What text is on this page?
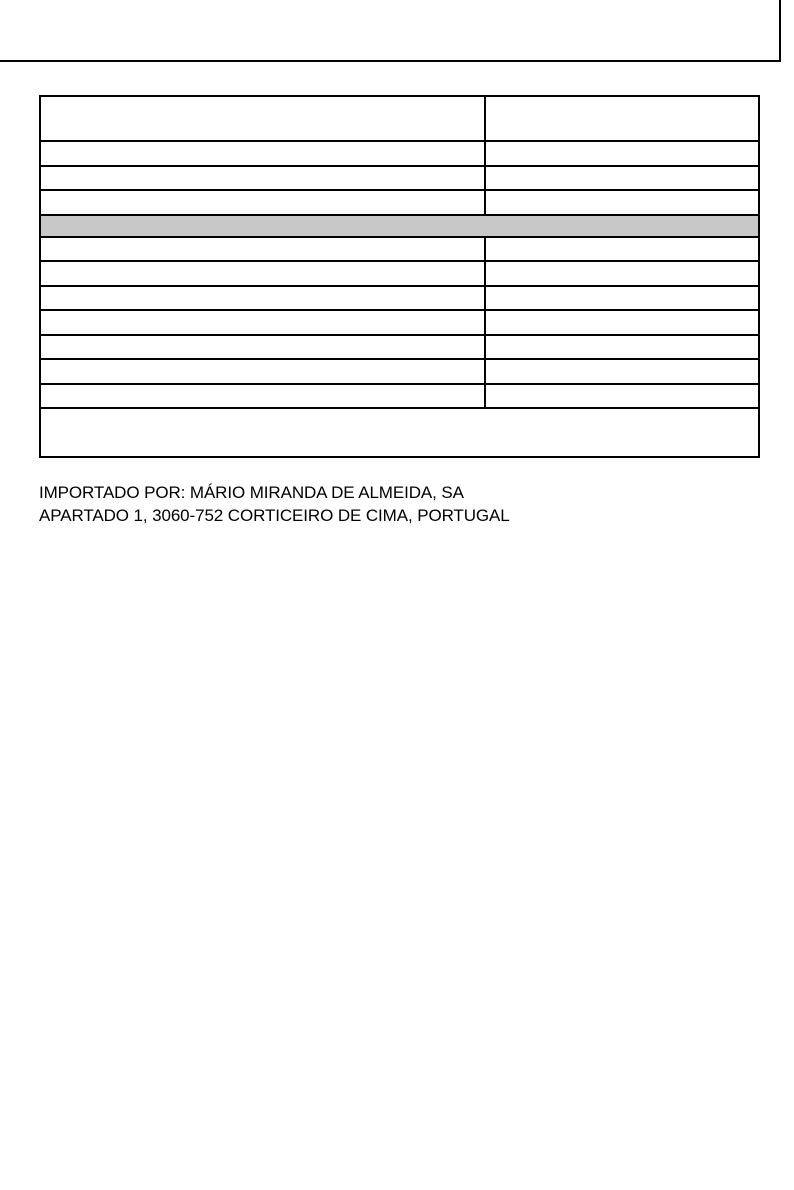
IMPORTADO POR: MÁRIO MIRANDA DE ALMEIDA, SA
APARTADO 1, 3060-752 CORTICEIRO DE CIMA, PORTUGAL
